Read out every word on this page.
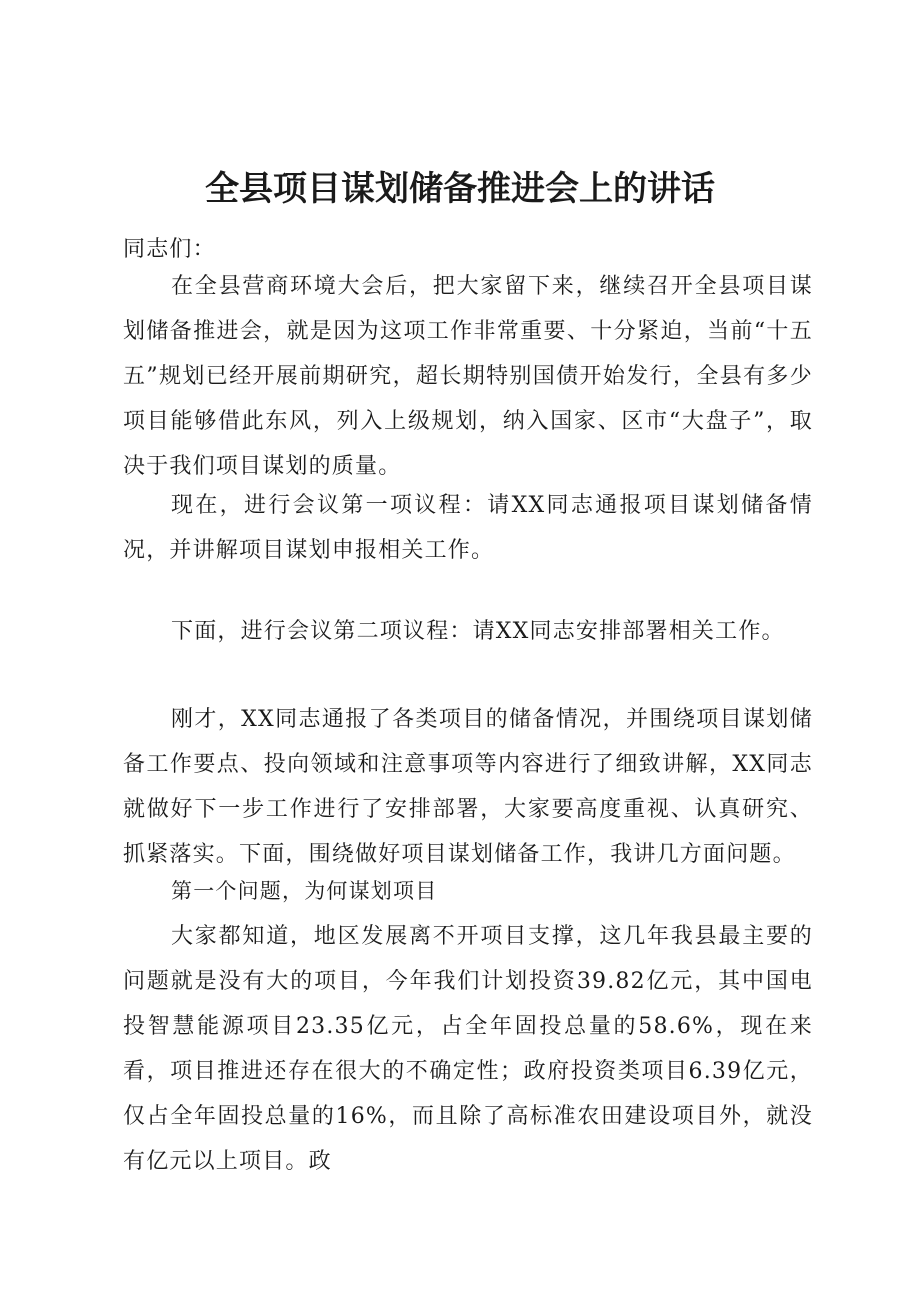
全县项目谋划储备推进会上的讲话

同志们：

在全县营商环境大会后，把大家留下来，继续召开全县项目谋划储备推进会，就是因为这项工作非常重要、十分紧迫，当前“十五五”规划已经开展前期研究，超长期特别国债开始发行，全县有多少项目能够借此东风，列入上级规划，纳入国家、区市“大盘子”，取决于我们项目谋划的质量。

现在，进行会议第一项议程：请XX同志通报项目谋划储备情况，并讲解项目谋划申报相关工作。

下面，进行会议第二项议程：请XX同志安排部署相关工作。

刚才，XX同志通报了各类项目的储备情况，并围绕项目谋划储备工作要点、投向领域和注意事项等内容进行了细致讲解，XX同志就做好下一步工作进行了安排部署，大家要高度重视、认真研究、抓紧落实。下面，围绕做好项目谋划储备工作，我讲几方面问题。

第一个问题，为何谋划项目

大家都知道，地区发展离不开项目支撑，这几年我县最主要的问题就是没有大的项目，今年我们计划投资39.82亿元，其中国电投智慧能源项目23.35亿元，占全年固投总量的58.6%，现在来看，项目推进还存在很大的不确定性；政府投资类项目6.39亿元，仅占全年固投总量的16%，而且除了高标准农田建设项目外，就没有亿元以上项目。政
